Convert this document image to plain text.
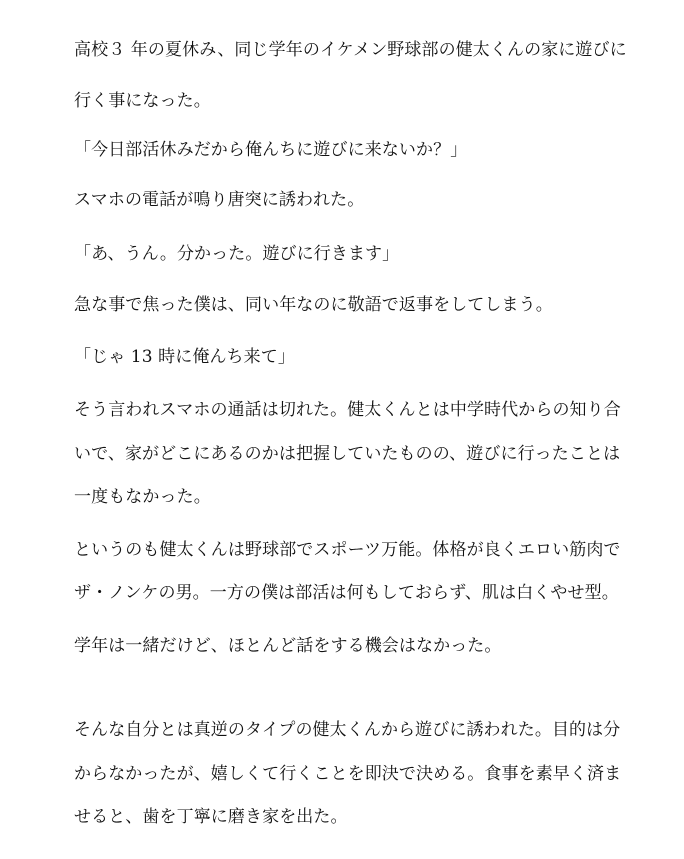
高校３ 年の夏休み、同じ学年のイケメン野球部の健太くんの家に遊びに

行く事になった。

「今日部活休みだから俺んちに遊びに来ないか？」

スマホの電話が鳴り唐突に誘われた。

「あ、うん。分かった。遊びに行きます」

急な事で焦った僕は、同い年なのに敬語で返事をしてしまう。

「じゃ 13 時に俺んち来て」

そう言われスマホの通話は切れた。健太くんとは中学時代からの知り合

いで、家がどこにあるのかは把握していたものの、遊びに行ったことは

一度もなかった。

というのも健太くんは野球部でスポーツ万能。体格が良くエロい筋肉で

ザ・ノンケの男。一方の僕は部活は何もしておらず、肌は白くやせ型。

学年は一緒だけど、ほとんど話をする機会はなかった。

そんな自分とは真逆のタイプの健太くんから遊びに誘われた。目的は分

からなかったが、嬉しくて行くことを即決で決める。食事を素早く済ま

せると、歯を丁寧に磨き家を出た。
